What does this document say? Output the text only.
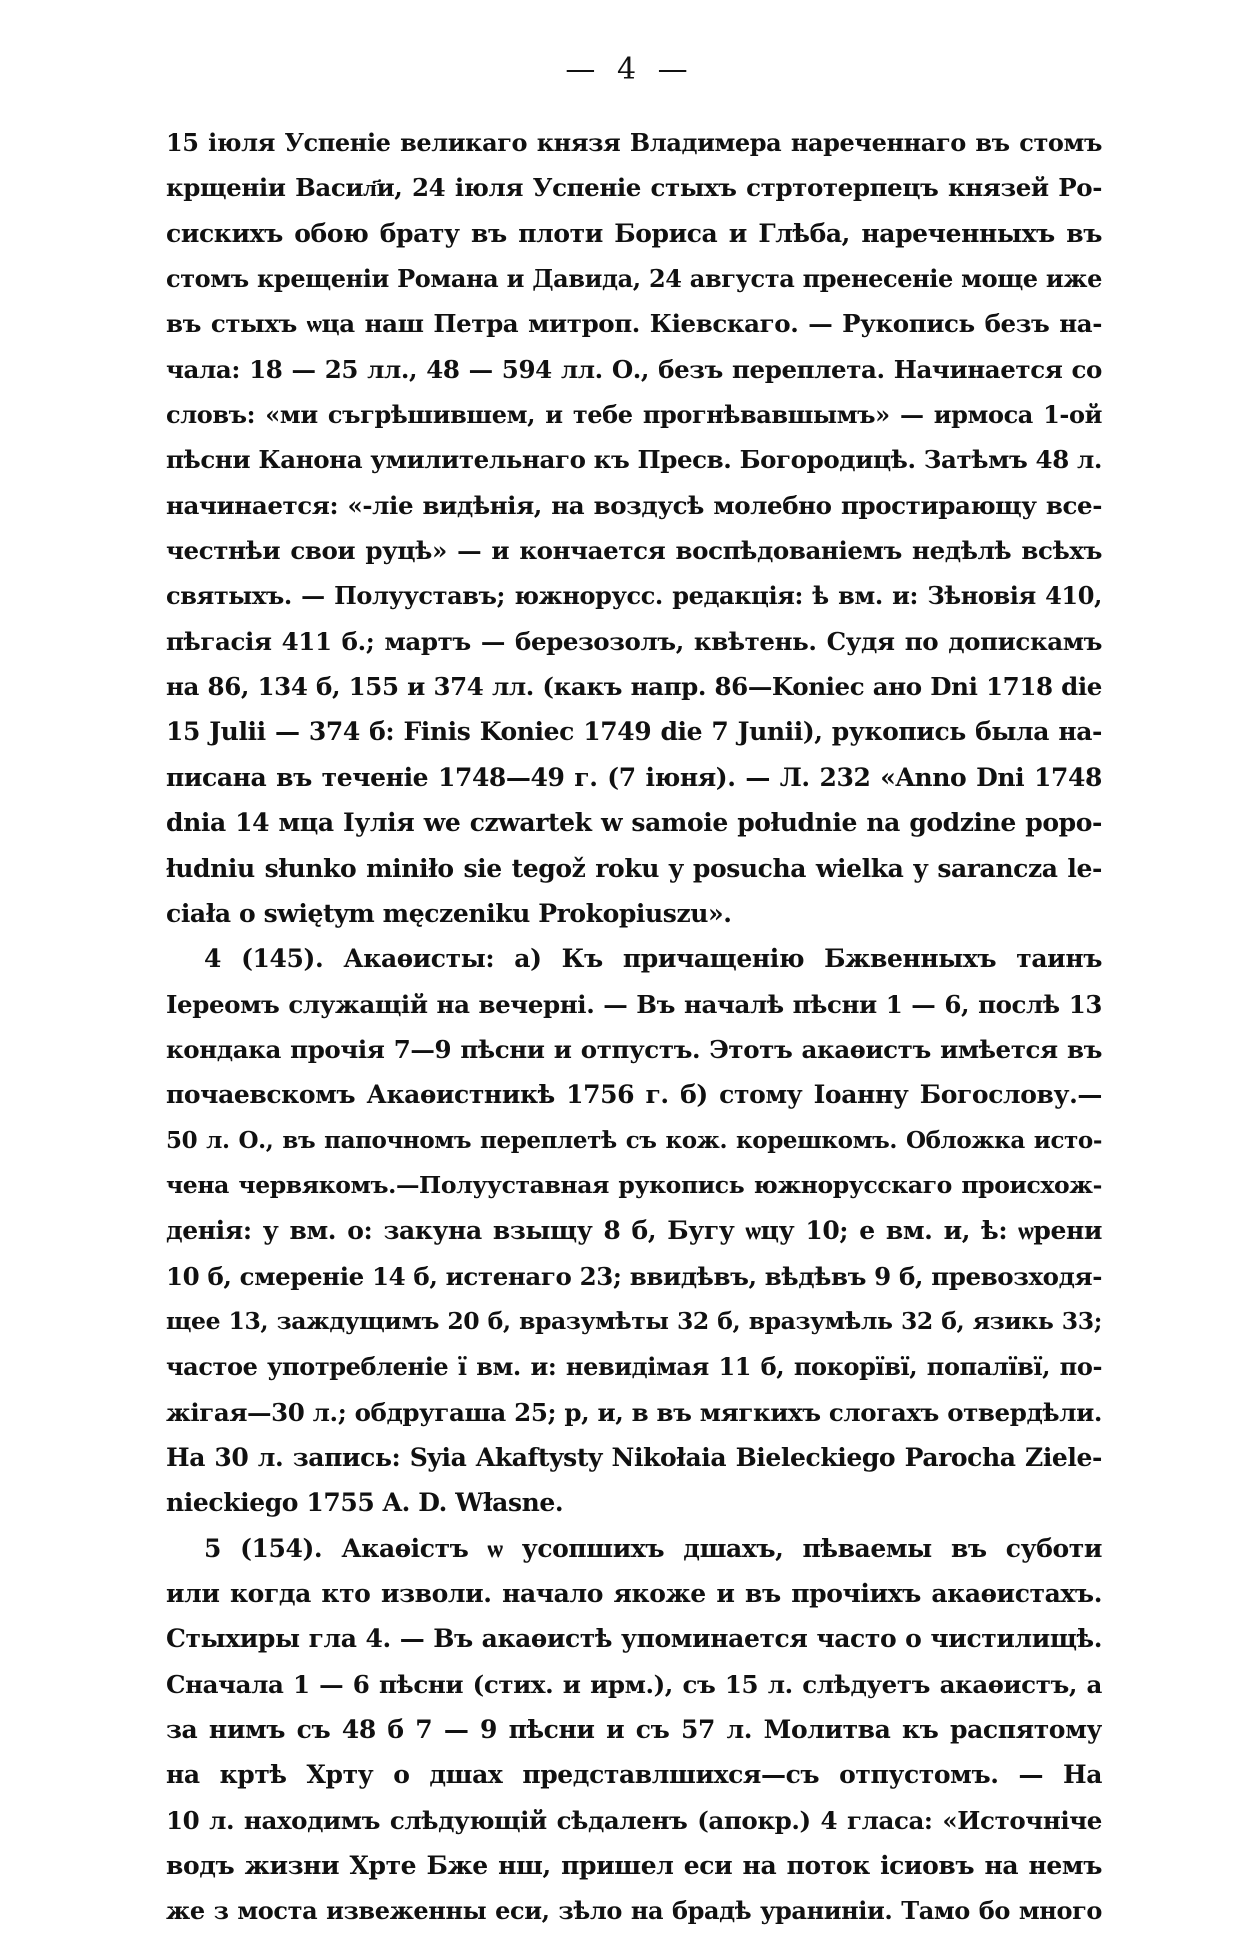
— 4 —
15 іюля Успеніе великаго князя Владимера нареченнаго въ стомъ
крщеніи Васил҃и, 24 іюля Успеніе стыхъ стртотерпецъ князей Ро-
сискихъ обою брату въ плоти Бориса и Глѣба, нареченныхъ въ
стомъ крещеніи Романа и Давида, 24 августа пренесеніе моще иже
въ стыхъ ѡца наш Петра митроп. Кіевскаго. — Рукопись безъ на-
чала: 18 — 25 лл., 48 — 594 лл. О., безъ переплета. Начинается со
словъ: «ми съгрѣшившем, и тебе прогнѣвавшымъ» — ирмоса 1-ой
пѣсни Канона умилительнаго къ Пресв. Богородицѣ. Затѣмъ 48 л.
начинается: «-ліе видѣнія, на воздусѣ молебно простирающу все-
честнѣи свои руцѣ» — и кончается воспѣдованіемъ недѣлѣ всѣхъ
святыхъ. — Полууставъ; южнорусс. редакція: ѣ вм. и: Зѣновія 410,
пѣгасія 411 б.; мартъ — березозолъ, квѣтень. Судя по допискамъ
на 86, 134 б, 155 и 374 лл. (какъ напр. 86—Koniec ано Dni 1718 die
15 Julii — 374 б: Finis Koniec 1749 die 7 Junii), рукопись была на-
писана въ теченіе 1748—49 г. (7 іюня). — Л. 232 «Anno Dni 1748
dnia 14 мца Іулія we czwartek w samoie południe na godzine popo-
łudniu słunko miniło sie tegož roku y posucha wielka y sarancza le-
ciała o swiętym męczeniku Prokopiuszu».
4 (145). Акаѳисты: а) Къ причащенію Бжвенныхъ таинъ
Іереомъ служащій на вечерні. — Въ началѣ пѣсни 1 — 6, послѣ 13
кондака прочія 7—9 пѣсни и отпустъ. Этотъ акаѳистъ имѣется въ
почаевскомъ Акаѳистникѣ 1756 г. б) стому Іоанну Богослову.—
50 л. О., въ папочномъ переплетѣ съ кож. корешкомъ. Обложка исто-
чена червякомъ.—Полууставная рукопись южнорусскаго происхож-
денія: у вм. о: закуна взыщу 8 б, Бугу ѡцу 10; е вм. и, ѣ: ѡрени
10 б, смереніе 14 б, истенаго 23; ввидѣвъ, вѣдѣвъ 9 б, превозходя-
щее 13, заждущимъ 20 б, вразумѣты 32 б, вразумѣль 32 б, язикь 33;
частое употребленіе ї вм. и: невидімая 11 б, покорївї, попалївї, по-
жігая—30 л.; обдругаша 25; р, и, в въ мягкихъ слогахъ отвердѣли.
На 30 л. запись: Syia Akaftysty Nikołaia Bieleckiego Parocha Ziele-
nieckiego 1755 A. D. Własne.
5 (154). Акаѳістъ ѡ усопшихъ дшахъ, пѣваемы въ суботи
или когда кто изволи. начало якоже и въ прочіихъ акаѳистахъ.
Стыхиры гла 4. — Въ акаѳистѣ упоминается часто о чистилищѣ.
Сначала 1 — 6 пѣсни (стих. и ирм.), съ 15 л. слѣдуетъ акаѳистъ, а
за нимъ съ 48 б 7 — 9 пѣсни и съ 57 л. Молитва къ распятому
на кртѣ Хрту о дшах представлшихся—съ отпустомъ. — На
10 л. находимъ слѣдующій сѣдаленъ (апокр.) 4 гласа: «Источніче
водъ жизни Хрте Бже нш, пришел еси на поток ісиовъ на немъ
же з моста извеженны еси, зѣло на брадѣ ураниніи. Тамо бо много
